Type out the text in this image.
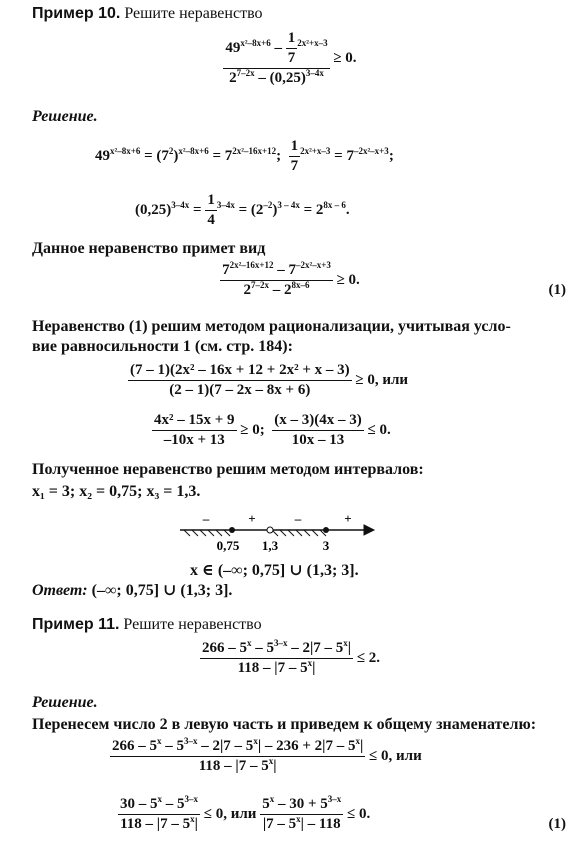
Пример 10. Решите неравенство
$\frac{49^{x^2-8x+6} - \frac{1}{7} ^{2x^2+x-3}}{2^{7-2x} - (0,25)^{3-4x}} \ge 0$.
Решение.
$49^{x^2-8x+6} = (7^2)^{x^2-8x+6} = 7^{2x^2-16x+12}$; $\frac{1}{7} ^{2x^2+x-3} = 7^{-2x^2-x+3}$;
$(0,25)^{3-4x} = \frac{1}{4} ^{3-4x} = (2^{-2})^{3 - 4x} = 2^{8x - 6}$.
Данное неравенство примет вид
$\frac{7^{2x^2-16x+12} - 7^{-2x^2-x+3}}{2^{7-2x} - 2^{8x-6}} \ge 0$.
(1)
Неравенство (1) решим методом рационализации, учитывая усло-
вие равносильности 1 (см. стр. 184):
$\frac{\text{(7 – 1)(2x² – 16x + 12 + 2x² + x – 3)}}{(2 - 1)(7 - 2x - 8x + 6)} \ge 0$, или
$\frac{\text{4x² – 15x + 9}}{-10x + 13} \ge 0$; $\frac{(x - 3)(4x - 3)}{10x - 13} \le 0$.
Полученное неравенство решим методом интервалов:
x₁ = 3; x₂ = 0,75; x₃ = 1,3.
–	+	–	+
0,75 1,3	3
x ∈ (–∞; 0,75] ∪ (1,3; 3].
Ответ: (–∞; 0,75] ∪ (1,3; 3].
Пример 11. Решите неравенство
$\frac{266 - 5^x - 5^{3-x} - 2|7 - 5^x|}{118 - |7 - 5^x|} \le 2$.
Решение.
Перенесем число 2 в левую часть и приведем к общему знаменателю:
$\frac{266 - 5^x - 5^{3-x} - 2|7 - 5^x| - 236 + 2|7 - 5^x|}{118 - |7 - 5^x|} \le 0$, или
$\frac{30 - 5^x - 5^{3-x}}{118 - |7 - 5^x|} \le 0$, или $\frac{5^x - 30 + 5^{3-x}}{|7 - 5^x| - 118} \le 0$.
(1)
